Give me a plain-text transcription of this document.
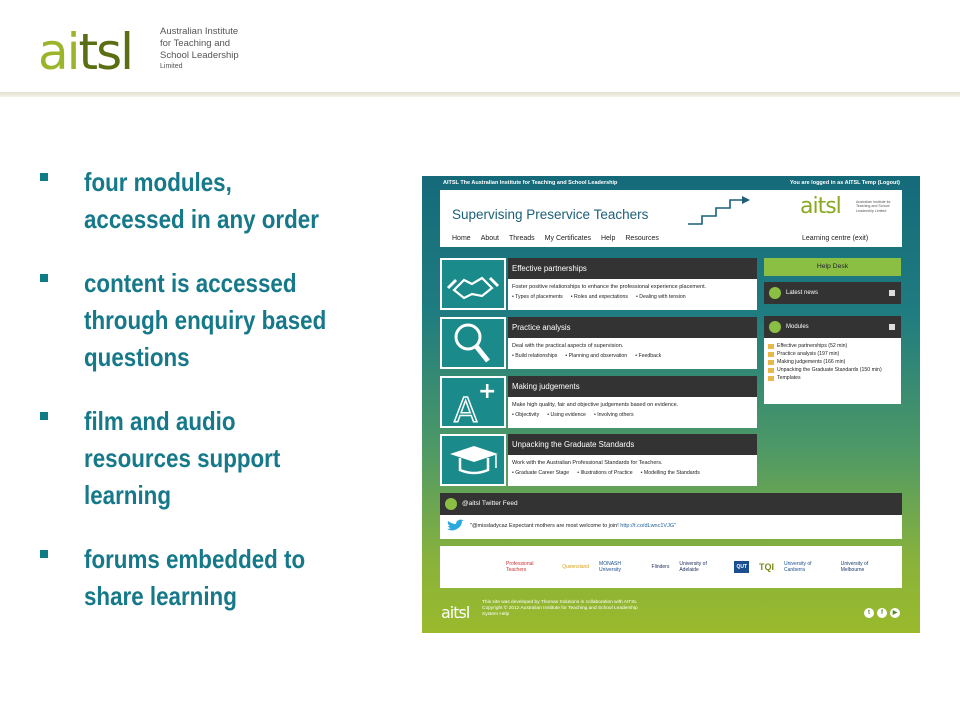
aitsl	Australian Institute
for Teaching and
School Leadership
Limited
four modules,
accessed in any order
content is accessed
through enquiry based
questions
film and audio
resources support
learning
forums embedded to
share learning
AITSL The Australian Institute for Teaching and School Leadership	You are logged in as AITSL Temp (Logout)
Supervising Preservice Teachers
Home About Threads My Certificates Help Resources
aitsl	Australian Institute for Teaching and School Leadership Limited
Learning centre (exit)
Effective partnerships
Foster positive relationships to enhance the professional experience placement.
• Types of placements	• Roles and expectations	• Dealing with tension
Practice analysis
Deal with the practical aspects of supervision.
• Build relationships	• Planning and observation	• Feedback
A +	Making judgements
Make high quality, fair and objective judgements based on evidence.
• Objectivity	• Using evidence	• Involving others
Unpacking the Graduate Standards
Work with the Australian Professional Standards for Teachers.
• Graduate Career Stage	• Illustrations of Practice	• Modelling the Standards
Help Desk
Latest news
Modules
Effective partnerships (52 min)
Practice analysis (197 min)
Making judgements (166 min)
Unpacking the Graduate Standards (150 min)
Templates
@aitsl Twitter Feed
"@missladycaz Expectant mothers are most welcome to join! http://t.co/dLwnc1VJG"
Professional Teachers	Queensland MONASH University	Flinders University of Adelaide	QUT TQI University of Canberra
University of Melbourne
aitsl
This site was developed by Thomas Solutions in collaboration with AITSL
Copyright © 2012 Australian Institute for Teaching and School Leadership
System Help	t	f	▶
